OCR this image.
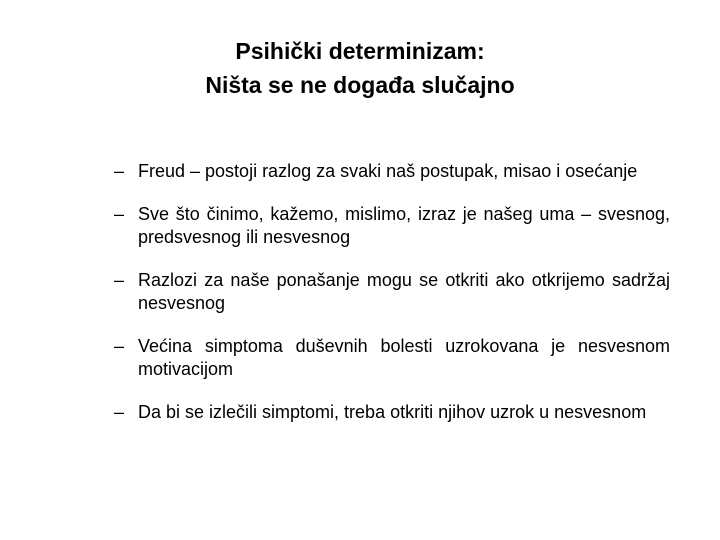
Psihički determinizam:
Ništa se ne događa slučajno
– Freud – postoji razlog za svaki naš postupak, misao i osećanje
– Sve što činimo, kažemo, mislimo, izraz je našeg uma – svesnog, predsvesnog ili nesvesnog
– Razlozi za naše ponašanje mogu se otkriti ako otkrijemo sadržaj nesvesnog
– Većina simptoma duševnih bolesti uzrokovana je nesvesnom motivacijom
– Da bi se izlečili simptomi, treba otkriti njihov uzrok u nesvesnom
